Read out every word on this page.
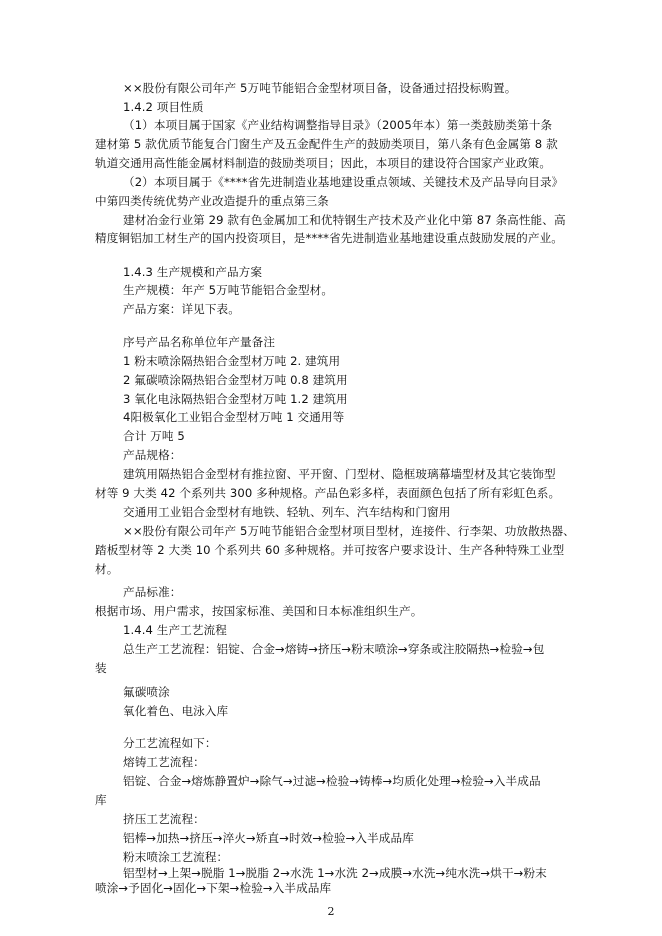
××股份有限公司年产 5万吨节能铝合金型材项目备，设备通过招投标购置。
1.4.2 项目性质
（1）本项目属于国家《产业结构调整指导目录》（2005年本）第一类鼓励类第十条
建材第 5 款优质节能复合门窗生产及五金配件生产的鼓励类项目，第八条有色金属第 8 款
轨道交通用高性能金属材料制造的鼓励类项目；因此，本项目的建设符合国家产业政策。
（2）本项目属于《****省先进制造业基地建设重点领域、关键技术及产品导向目录》
中第四类传统优势产业改造提升的重点第三条
建材冶金行业第 29 款有色金属加工和优特钢生产技术及产业化中第 87 条高性能、高
精度铜铝加工材生产的国内投资项目，是****省先进制造业基地建设重点鼓励发展的产业。
1.4.3 生产规模和产品方案
生产规模：年产 5万吨节能铝合金型材。
产品方案：详见下表。
序号产品名称单位年产量备注
1 粉末喷涂隔热铝合金型材万吨 2. 建筑用
2 氟碳喷涂隔热铝合金型材万吨 0.8 建筑用
3 氧化电泳隔热铝合金型材万吨 1.2 建筑用
4阳极氧化工业铝合金型材万吨 1 交通用等
合计 万吨 5
产品规格：
建筑用隔热铝合金型材有推拉窗、平开窗、门型材、隐框玻璃幕墙型材及其它装饰型
材等 9 大类 42 个系列共 300 多种规格。产品色彩多样，表面颜色包括了所有彩虹色系。
交通用工业铝合金型材有地铁、轻轨、列车、汽车结构和门窗用
××股份有限公司年产 5万吨节能铝合金型材项目型材，连接件、行李架、功放散热器、
踏板型材等 2 大类 10 个系列共 60 多种规格。并可按客户要求设计、生产各种特殊工业型
材。
产品标准：
根据市场、用户需求，按国家标准、美国和日本标准组织生产。
1.4.4 生产工艺流程
总生产工艺流程：铝锭、合金→熔铸→挤压→粉末喷涂→穿条或注胶隔热→检验→包
装
氟碳喷涂
氧化着色、电泳入库
分工艺流程如下：
熔铸工艺流程：
铝锭、合金→熔炼静置炉→除气→过滤→检验→铸棒→均质化处理→检验→入半成品
库
挤压工艺流程：
铝棒→加热→挤压→淬火→矫直→时效→检验→入半成品库
粉末喷涂工艺流程：
铝型材→上架→脱脂 1→脱脂 2→水洗 1→水洗 2→成膜→水洗→纯水洗→烘干→粉末
喷涂→予固化→固化→下架→检验→入半成品库
2
